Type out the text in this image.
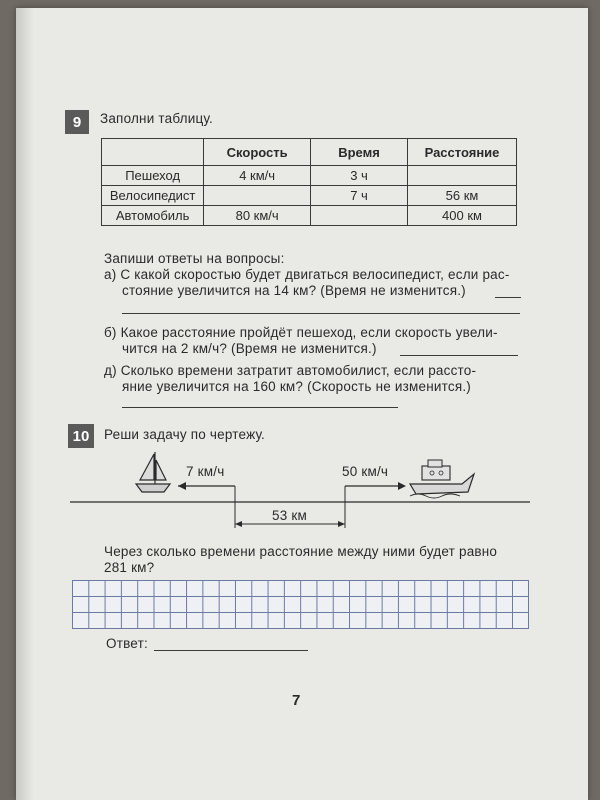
9	Заполни таблицу.
	Скорость	Время	Расстояние
Пешеход	4 км/ч	3 ч	
Велосипедист		7 ч	56 км
Автомобиль	80 км/ч		400 км
Запиши ответы на вопросы:
а) С какой скоростью будет двигаться велосипедист, если рас-
стояние увеличится на 14 км? (Время не изменится.)
б) Какое расстояние пройдёт пешеход, если скорость увели-
чится на 2 км/ч? (Время не изменится.)
д) Сколько времени затратит автомобилист, если рассто-
яние увеличится на 160 км? (Скорость не изменится.)
10	Реши задачу по чертежу.
7 км/ч	50 км/ч
53 км
Через сколько времени расстояние между ними будет равно
281 км?
Ответ:
7
